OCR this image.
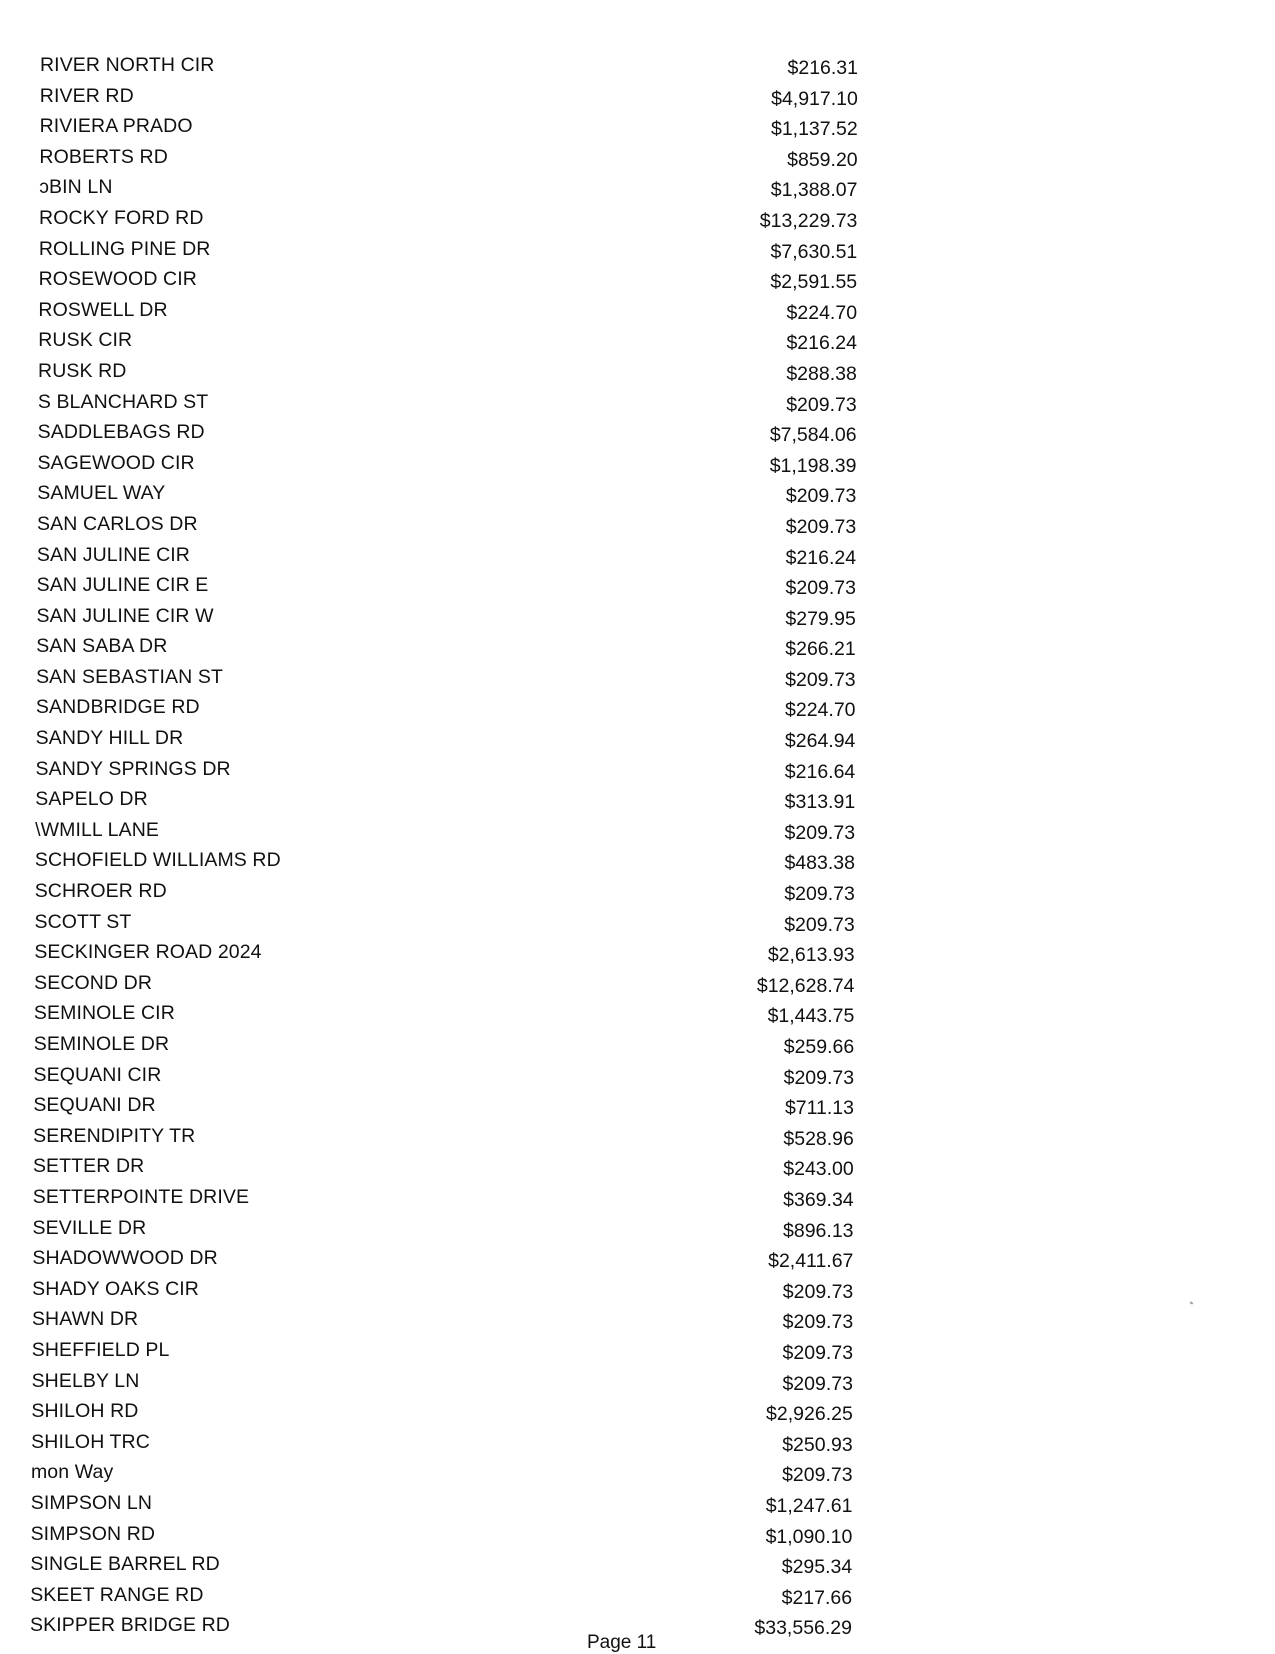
RIVER NORTH CIR	$216.31
RIVER RD	$4,917.10
RIVIERA PRADO	$1,137.52
ROBERTS RD	$859.20
ↄBIN LN	$1,388.07
ROCKY FORD RD	$13,229.73
ROLLING PINE DR	$7,630.51
ROSEWOOD CIR	$2,591.55
ROSWELL DR	$224.70
RUSK CIR	$216.24
RUSK RD	$288.38
S BLANCHARD ST	$209.73
SADDLEBAGS RD	$7,584.06
SAGEWOOD CIR	$1,198.39
SAMUEL WAY	$209.73
SAN CARLOS DR	$209.73
SAN JULINE CIR	$216.24
SAN JULINE CIR E	$209.73
SAN JULINE CIR W	$279.95
SAN SABA DR	$266.21
SAN SEBASTIAN ST	$209.73
SANDBRIDGE RD	$224.70
SANDY HILL DR	$264.94
SANDY SPRINGS DR	$216.64
SAPELO DR	$313.91
\WMILL LANE	$209.73
SCHOFIELD WILLIAMS RD	$483.38
SCHROER RD	$209.73
SCOTT ST	$209.73
SECKINGER ROAD 2024	$2,613.93
SECOND DR	$12,628.74
SEMINOLE CIR	$1,443.75
SEMINOLE DR	$259.66
SEQUANI CIR	$209.73
SEQUANI DR	$711.13
SERENDIPITY TR	$528.96
SETTER DR	$243.00
SETTERPOINTE DRIVE	$369.34
SEVILLE DR	$896.13
SHADOWWOOD DR	$2,411.67
SHADY OAKS CIR	$209.73
SHAWN DR	$209.73
SHEFFIELD PL	$209.73
SHELBY LN	$209.73
SHILOH RD	$2,926.25
SHILOH TRC	$250.93
mon Way	$209.73
SIMPSON LN	$1,247.61
SIMPSON RD	$1,090.10
SINGLE BARREL RD	$295.34
SKEET RANGE RD	$217.66
SKIPPER BRIDGE RD	$33,556.29
Page 11
